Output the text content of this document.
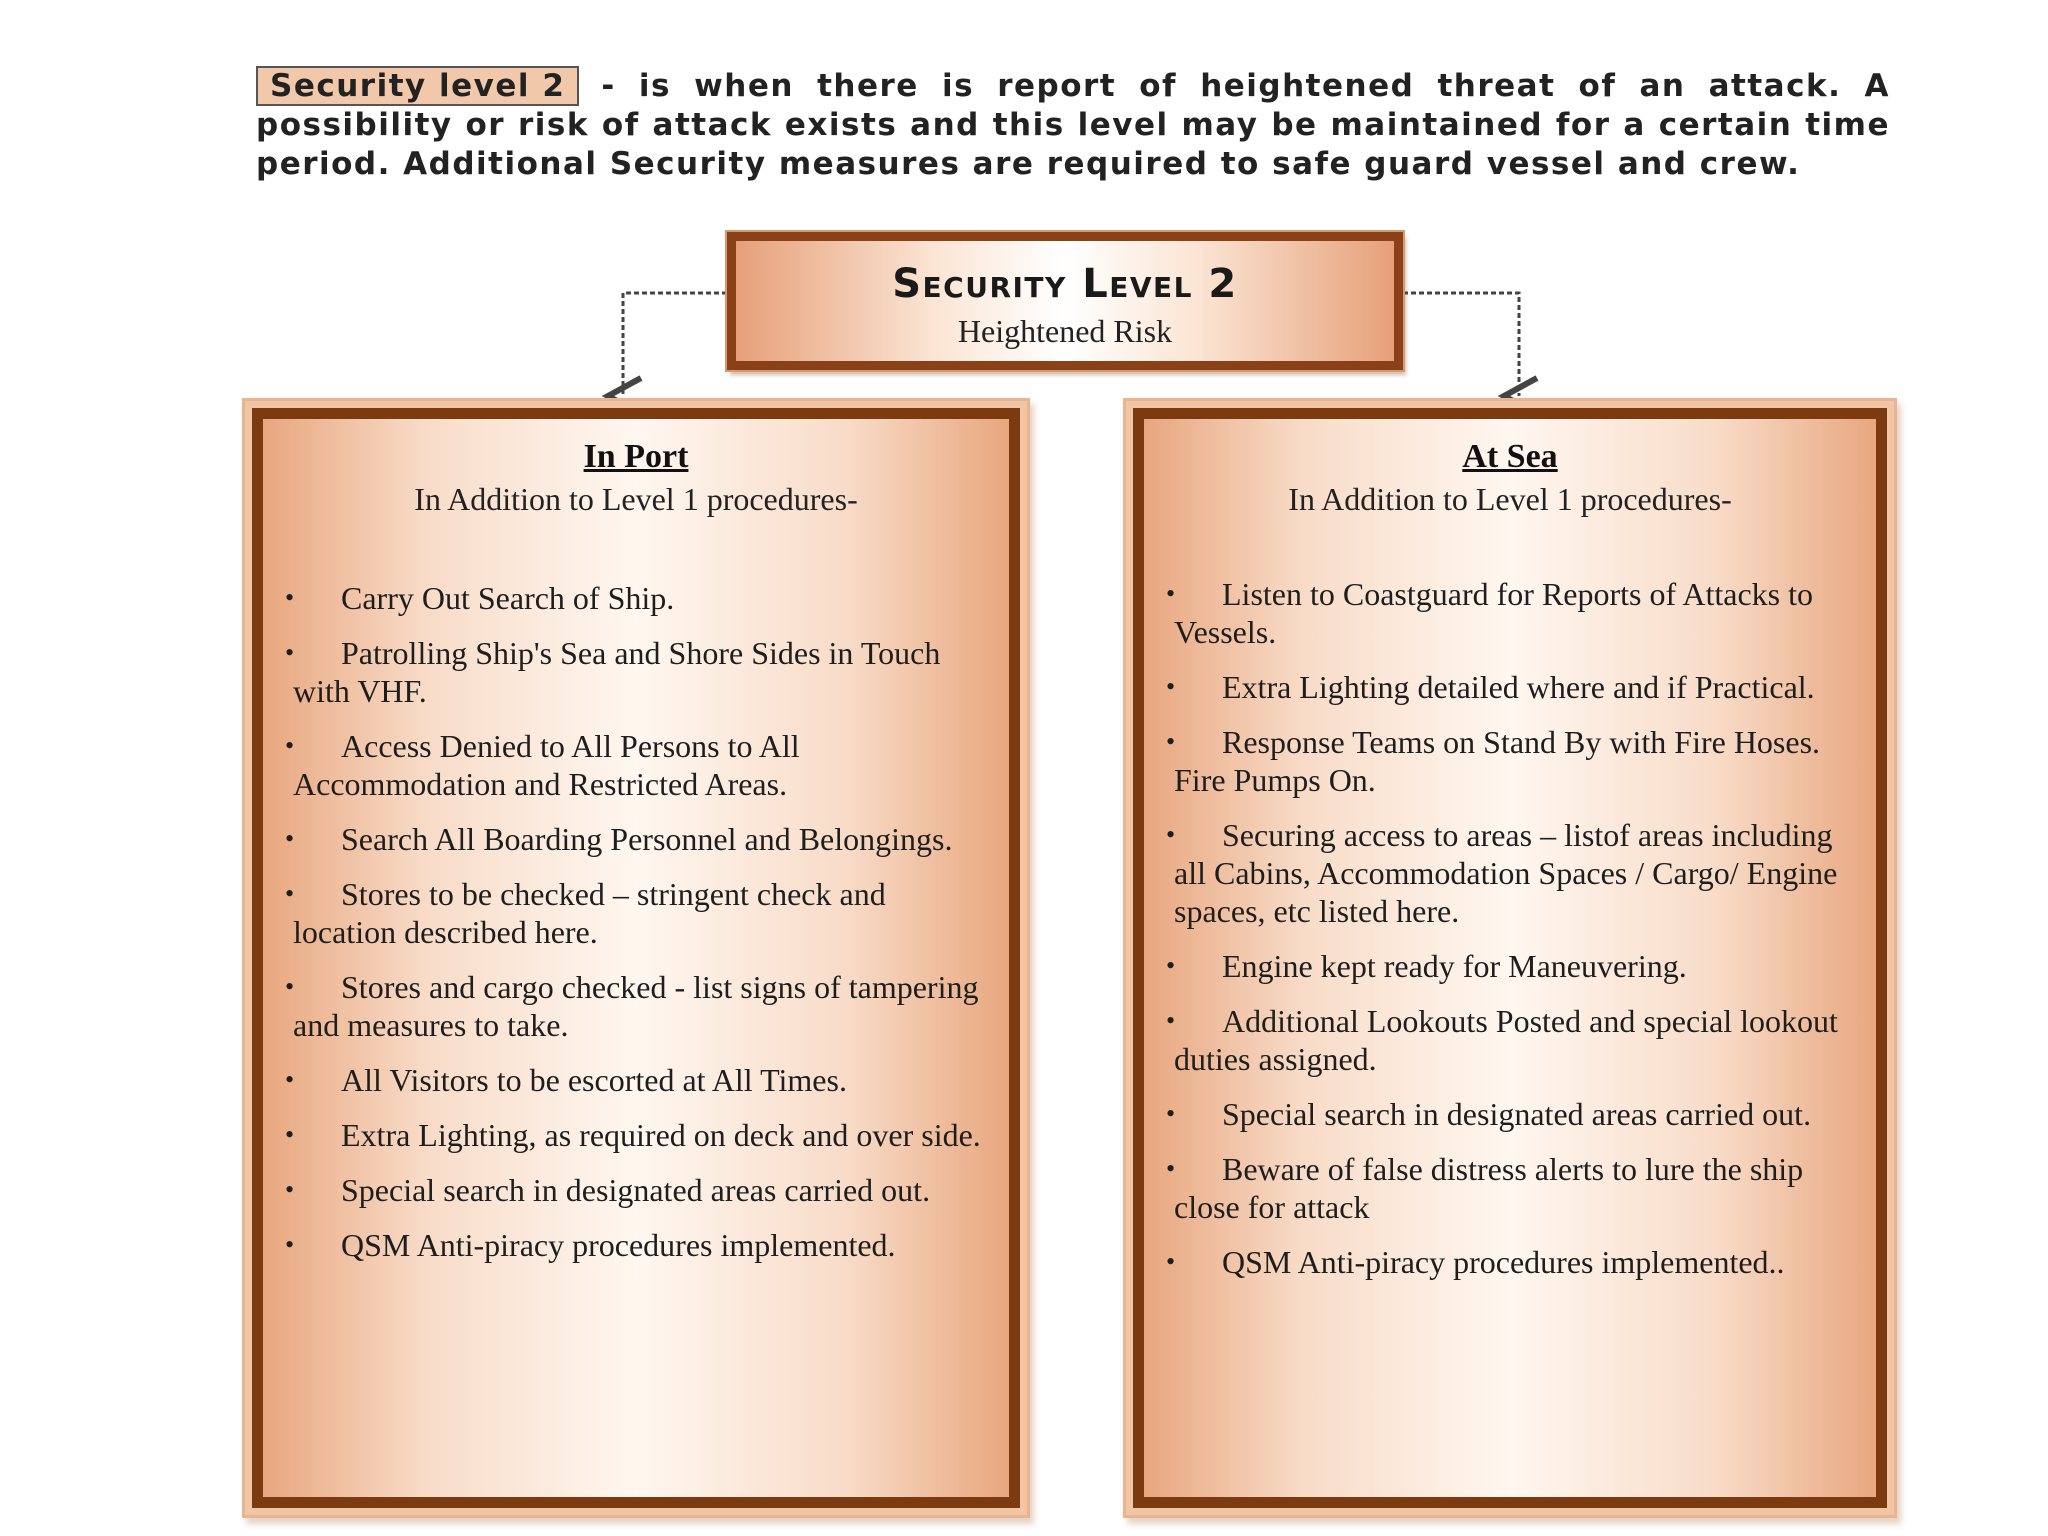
Security level 2 - is when there is report of heightened threat of an attack. A possibility or risk of attack exists and this level may be maintained for a certain time period. Additional Security measures are required to safe guard vessel and crew.
Security Level 2
Heightened Risk
In Port
In Addition to Level 1 procedures-
• Carry Out Search of Ship.
• Patrolling Ship's Sea and Shore Sides in Touch with VHF.
• Access Denied to All Persons to All Accommodation and Restricted Areas.
• Search All Boarding Personnel and Belongings.
• Stores to be checked – stringent check and location described here.
• Stores and cargo checked - list signs of tampering and measures to take.
• All Visitors to be escorted at All Times.
• Extra Lighting, as required on deck and over side.
• Special search in designated areas carried out.
• QSM Anti-piracy procedures implemented.
At Sea
In Addition to Level 1 procedures-
• Listen to Coastguard for Reports of Attacks to Vessels.
• Extra Lighting detailed where and if Practical.
• Response Teams on Stand By with Fire Hoses. Fire Pumps On.
• Securing access to areas – listof areas including all Cabins, Accommodation Spaces / Cargo/ Engine spaces, etc listed here.
• Engine kept ready for Maneuvering.
• Additional Lookouts Posted and special lookout duties assigned.
• Special search in designated areas carried out.
• Beware of false distress alerts to lure the ship close for attack
• QSM Anti-piracy procedures implemented..
